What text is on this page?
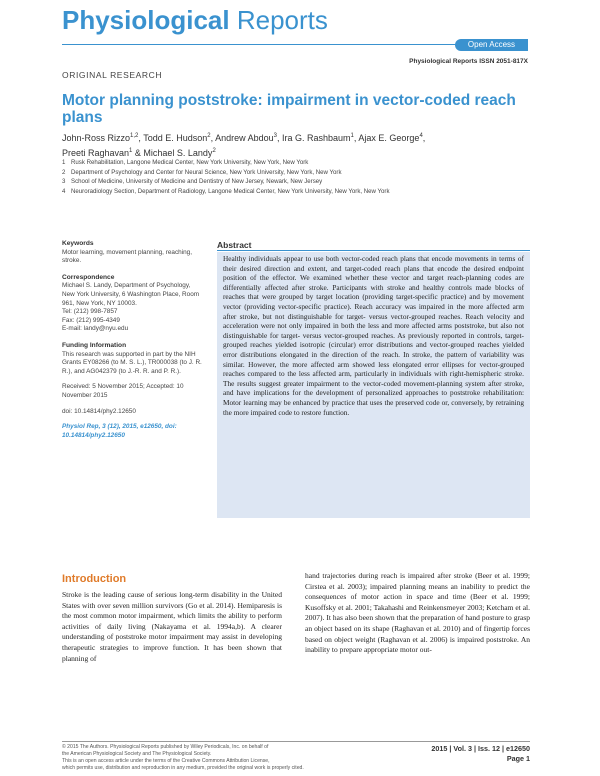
Physiological Reports
Open Access
Physiological Reports ISSN 2051-817X
ORIGINAL RESEARCH
Motor planning poststroke: impairment in vector-coded reach plans
John-Ross Rizzo$^{1,2}$, Todd E. Hudson$^2$, Andrew Abdou$^3$, Ira G. Rashbaum$^1$, Ajax E. George$^4$,
Preeti Raghavan$^1$ & Michael S. Landy$^2$
1 Rusk Rehabilitation, Langone Medical Center, New York University, New York, New York
2 Department of Psychology and Center for Neural Science, New York University, New York, New York
3 School of Medicine, University of Medicine and Dentistry of New Jersey, Newark, New Jersey
4 Neuroradiology Section, Department of Radiology, Langone Medical Center, New York University, New York, New York
Keywords
Motor learning, movement planning, reaching, stroke.
Correspondence
Michael S. Landy, Department of Psychology, New York University, 6 Washington Place, Room 961, New York, NY 10003.
Tel: (212) 998-7857
Fax: (212) 995-4349
E-mail: landy@nyu.edu
Funding Information
This research was supported in part by the NIH Grants EY08266 (to M. S. L.), TR000038 (to J. R. R.), and AG042379 (to J.-R. R. and P. R.).
Received: 5 November 2015; Accepted: 10 November 2015
doi: 10.14814/phy2.12650
Physiol Rep, 3 (12), 2015, e12650, doi: 10.14814/phy2.12650
Abstract
Healthy individuals appear to use both vector-coded reach plans that encode movements in terms of their desired direction and extent, and target-coded reach plans that encode the desired endpoint position of the effector. We examined whether these vector and target reach-planning codes are differentially affected after stroke. Participants with stroke and healthy controls made blocks of reaches that were grouped by target location (providing target-specific practice) and by movement vector (providing vector-specific practice). Reach accuracy was impaired in the more affected arm after stroke, but not distinguishable for target- versus vector-grouped reaches. Reach velocity and acceleration were not only impaired in both the less and more affected arms poststroke, but also not distinguishable for target- versus vector-grouped reaches. As previously reported in controls, target-grouped reaches yielded isotropic (circular) error distributions and vector-grouped reaches yielded error distributions elongated in the direction of the reach. In stroke, the pattern of variability was similar. However, the more affected arm showed less elongated error ellipses for vector-grouped reaches compared to the less affected arm, particularly in individuals with right-hemispheric stroke. The results suggest greater impairment to the vector-coded movement-planning system after stroke, and have implications for the development of personalized approaches to poststroke rehabilitation: Motor learning may be enhanced by practice that uses the preserved code or, conversely, by retraining the more impaired code to restore function.
Introduction
Stroke is the leading cause of serious long-term disability in the United States with over seven million survivors (Go et al. 2014). Hemiparesis is the most common motor impairment, which limits the ability to perform activities of daily living (Nakayama et al. 1994a,b). A clearer understanding of poststroke motor impairment may assist in developing therapeutic strategies to improve function. It has been shown that planning of
hand trajectories during reach is impaired after stroke (Beer et al. 1999; Cirstea et al. 2003); impaired planning means an inability to predict the consequences of motor action in space and time (Beer et al. 1999; Kusoffsky et al. 2001; Takahashi and Reinkensmeyer 2003; Ketcham et al. 2007). It has also been shown that the preparation of hand posture to grasp an object based on its shape (Raghavan et al. 2010) and of fingertip forces based on object weight (Raghavan et al. 2006) is impaired poststroke. An inability to prepare appropriate motor out-
© 2015 The Authors. Physiological Reports published by Wiley Periodicals, Inc. on behalf of
the American Physiological Society and The Physiological Society.
This is an open access article under the terms of the Creative Commons Attribution License,
which permits use, distribution and reproduction in any medium, provided the original work is properly cited.
2015 | Vol. 3 | Iss. 12 | e12650
Page 1
